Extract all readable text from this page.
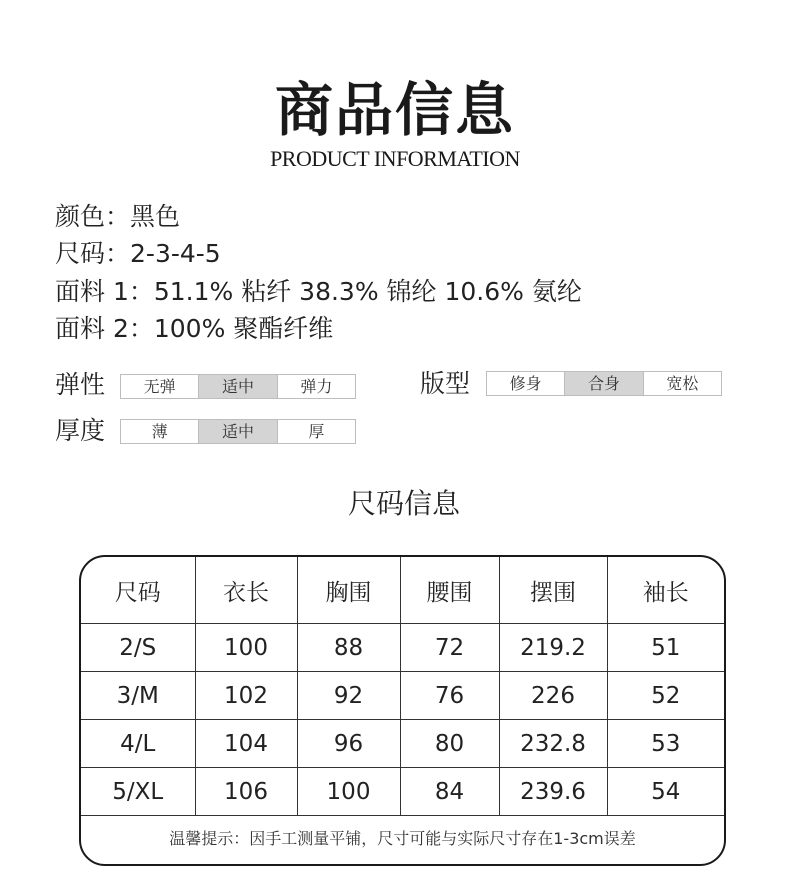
商品信息
PRODUCT INFORMATION
颜色：黑色
尺码：2-3-4-5
面料 1：51.1% 粘纤 38.3% 锦纶 10.6% 氨纶
面料 2：100% 聚酯纤维
弹性	无弹	适中	弹力	版型	修身	合身	宽松
厚度	薄	适中	厚
尺码信息
尺码	衣长	胸围	腰围	摆围	袖长
2/S	100	88	72	219.2	51
3/M	102	92	76	226	52
4/L	104	96	80	232.8	53
5/XL	106	100	84	239.6	54
温馨提示：因手工测量平铺，尺寸可能与实际尺寸存在1-3cm误差
